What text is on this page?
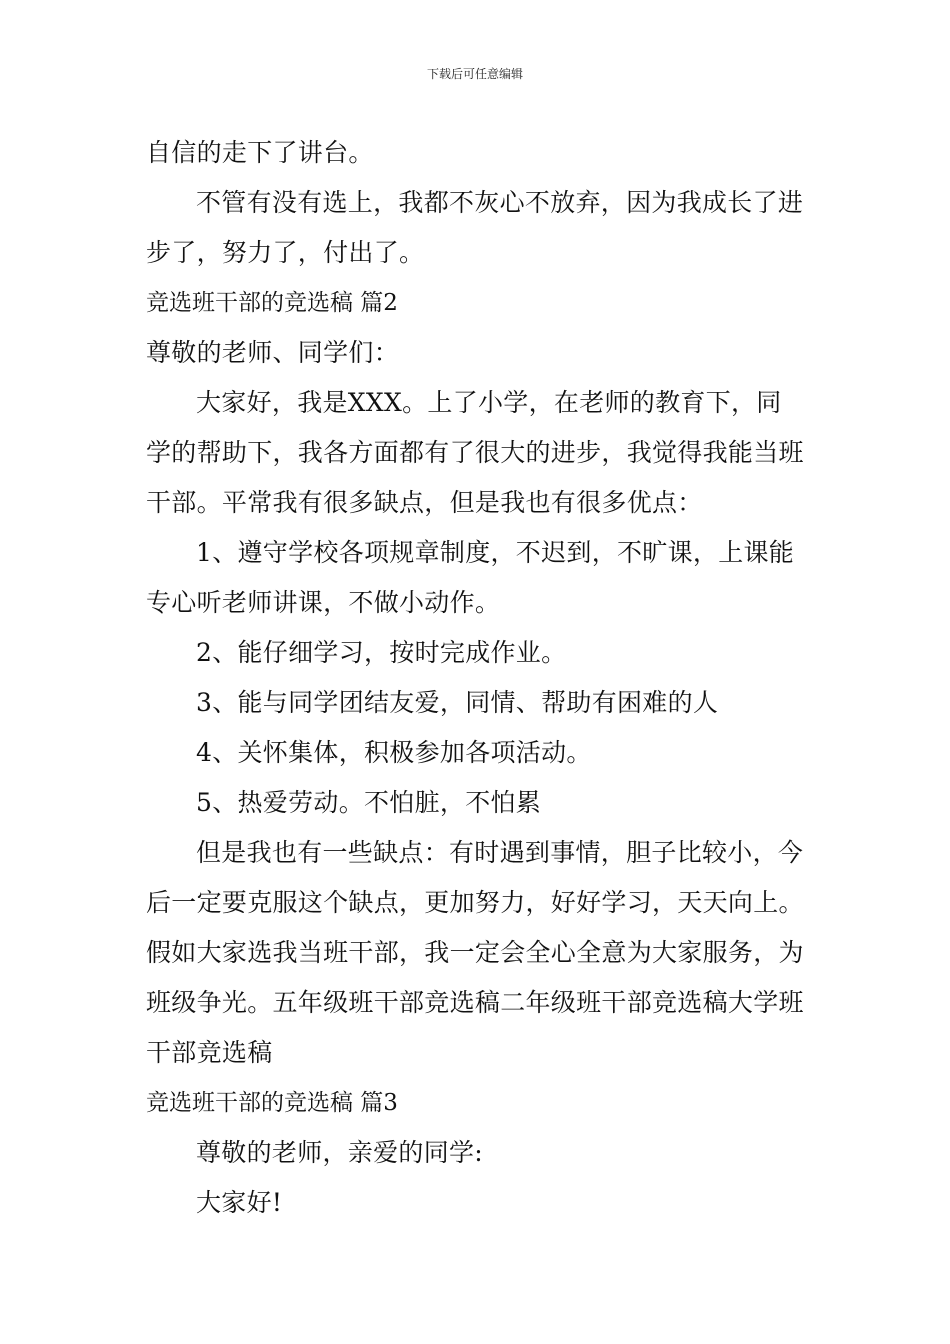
下载后可任意编辑

自信的走下了讲台。

不管有没有选上，我都不灰心不放弃，因为我成长了进步了，努力了，付出了。

竞选班干部的竞选稿 篇2

尊敬的老师、同学们：

大家好，我是XXX。上了小学，在老师的教育下，同学的帮助下，我各方面都有了很大的进步，我觉得我能当班干部。平常我有很多缺点，但是我也有很多优点：

1、遵守学校各项规章制度，不迟到，不旷课，上课能专心听老师讲课，不做小动作。

2、能仔细学习，按时完成作业。

3、能与同学团结友爱，同情、帮助有困难的人

4、关怀集体，积极参加各项活动。

5、热爱劳动。不怕脏，不怕累

但是我也有一些缺点：有时遇到事情，胆子比较小，今后一定要克服这个缺点，更加努力，好好学习，天天向上。假如大家选我当班干部，我一定会全心全意为大家服务，为班级争光。五年级班干部竞选稿二年级班干部竞选稿大学班干部竞选稿

竞选班干部的竞选稿 篇3

尊敬的老师，亲爱的同学:

大家好!
